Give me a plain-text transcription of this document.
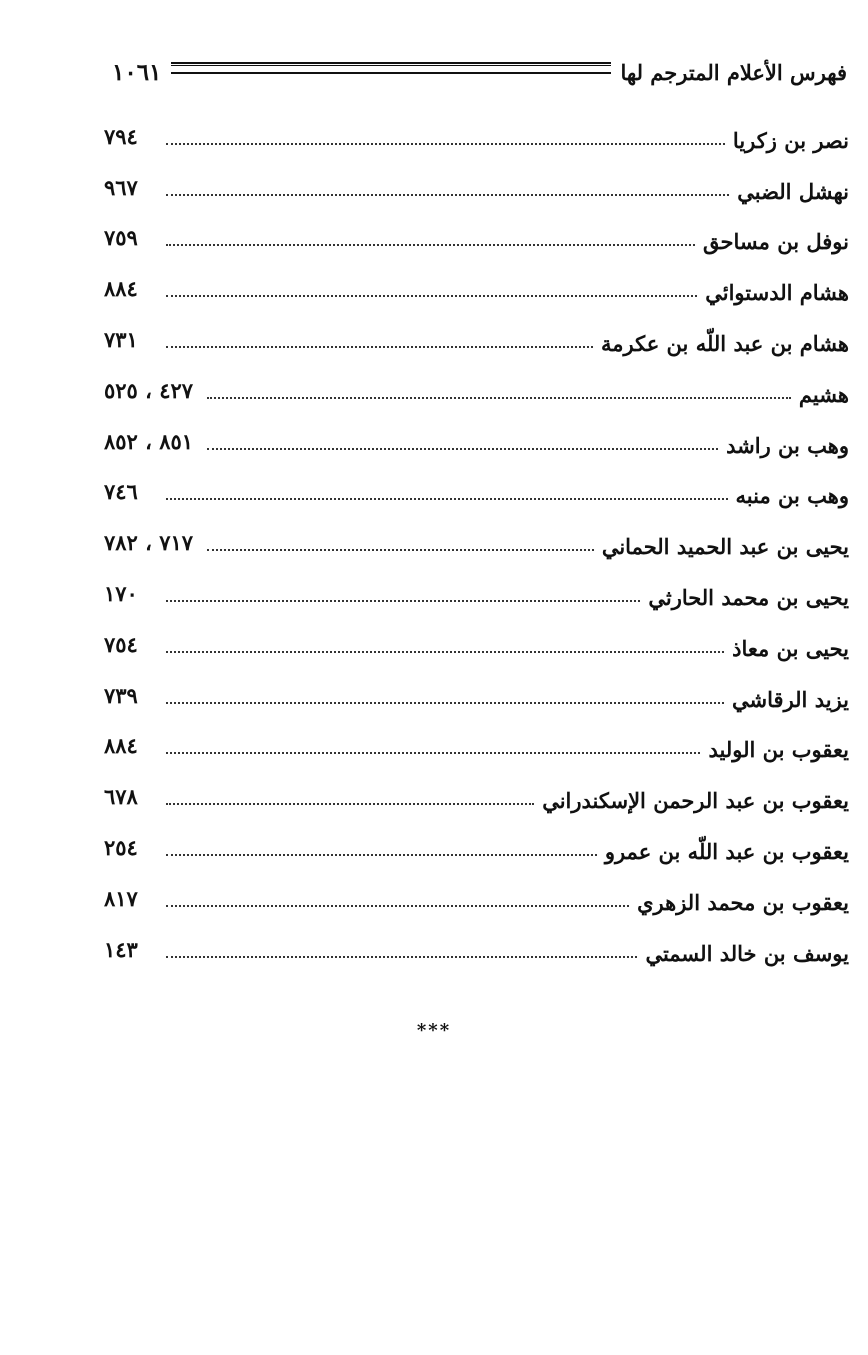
فهرس الأعلام المترجم لها
١٠٦١
نصر بن زكريا
٧٩٤
نهشل الضبي
٩٦٧
نوفل بن مساحق
٧٥٩
هشام الدستوائي
٨٨٤
هشام بن عبد اللّه بن عكرمة
٧٣١
هشيم
٤٢٧ ، ٥٢٥
وهب بن راشد
٨٥١ ، ٨٥٢
وهب بن منبه
٧٤٦
يحيى بن عبد الحميد الحماني
٧١٧ ، ٧٨٢
يحيى بن محمد الحارثي
١٧٠
يحيى بن معاذ
٧٥٤
يزيد الرقاشي
٧٣٩
يعقوب بن الوليد
٨٨٤
يعقوب بن عبد الرحمن الإسكندراني
٦٧٨
يعقوب بن عبد اللّه بن عمرو
٢٥٤
يعقوب بن محمد الزهري
٨١٧
يوسف بن خالد السمتي
١٤٣
***
